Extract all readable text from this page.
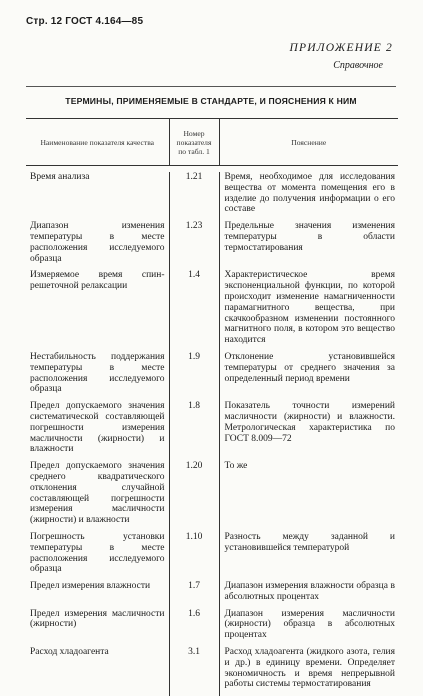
Стр. 12 ГОСТ 4.164—85
ПРИЛОЖЕНИЕ 2
Справочное
ТЕРМИНЫ, ПРИМЕНЯЕМЫЕ В СТАНДАРТЕ, И ПОЯСНЕНИЯ К НИМ
Наименование показателя качества	Номер показателя по табл. 1	Пояснение

Время анализа	1.21	Время, необходимое для исследования вещества от момента помещения его в изделие до получения информации о его составе
Диапазон изменения температуры в месте расположения исследуемого образца	1.23	Предельные значения изменения температуры в области термостатирования
Измеряемое время спин-решеточной релаксации	1.4	Характеристическое время экспоненциальной функции, по которой происходит изменение намагниченности парамагнитного вещества, при скачкообразном изменении постоянного магнитного поля, в котором это вещество находится
Нестабильность поддержания температуры в месте расположения исследуемого образца	1.9	Отклонение установившейся температуры от среднего значения за определенный период времени
Предел допускаемого значения систематической составляющей погрешности измерения масличности (жирности) и влажности	1.8	Показатель точности измерений масличности (жирности) и влажности. Метрологическая характеристика по ГОСТ 8.009—72
Предел допускаемого значения среднего квадратического отклонения случайной составляющей погрешности измерения масличности (жирности) и влажности	1.20	То же
Погрешность установки температуры в месте расположения исследуемого образца	1.10	Разность между заданной и установившейся температурой
Предел измерения влажности	1.7	Диапазон измерения влажности образца в абсолютных процентах
Предел измерения масличности (жирности)	1.6	Диапазон измерения масличности (жирности) образца в абсолютных процентах
Расход хладоагента	3.1	Расход хладоагента (жидкого азота, гелия и др.) в единицу времени. Определяет экономичность и время непрерывной работы системы термостатирования
